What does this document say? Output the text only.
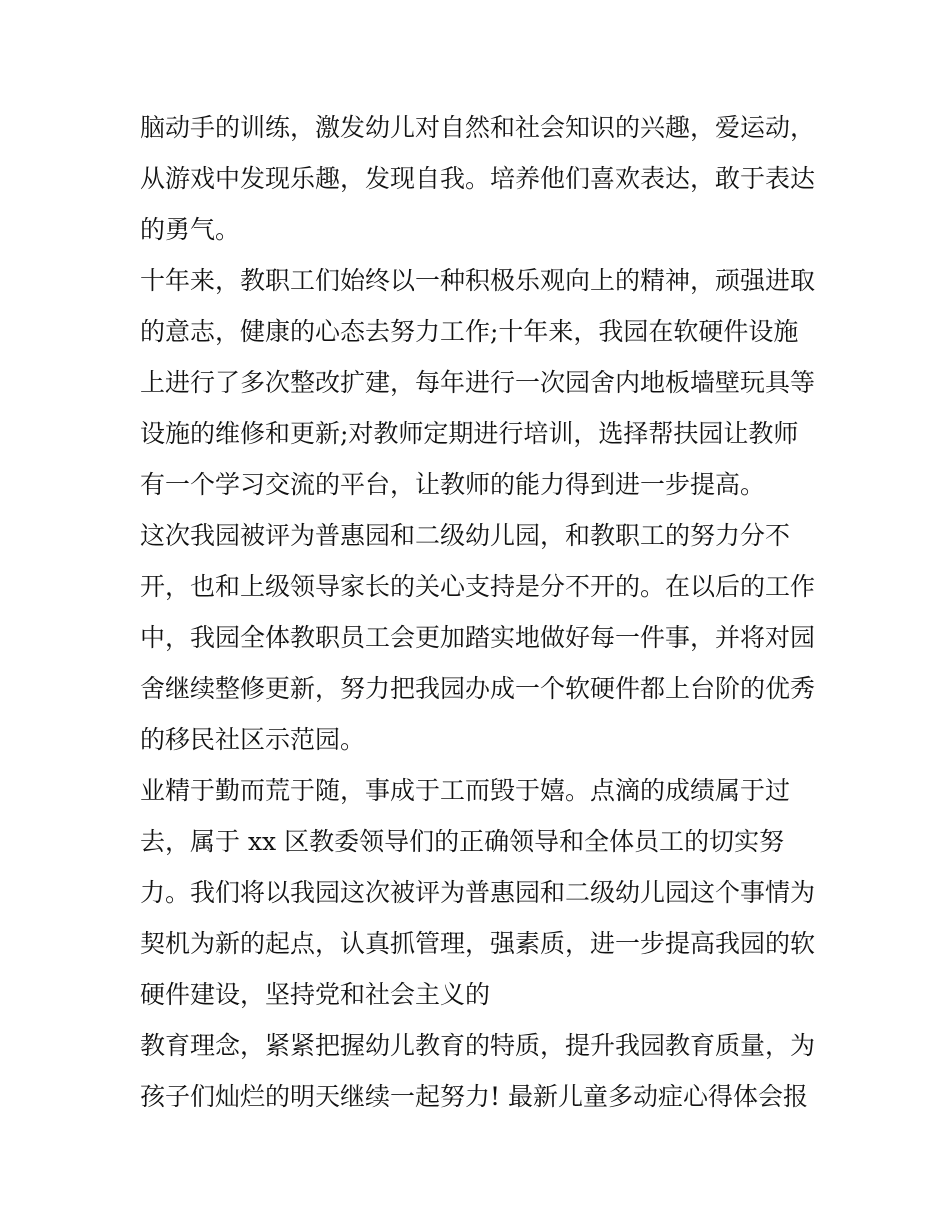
脑动手的训练，激发幼儿对自然和社会知识的兴趣，爱运动，
从游戏中发现乐趣，发现自我。培养他们喜欢表达，敢于表达
的勇气。
十年来，教职工们始终以一种积极乐观向上的精神，顽强进取
的意志，健康的心态去努力工作;十年来，我园在软硬件设施
上进行了多次整改扩建，每年进行一次园舍内地板墙壁玩具等
设施的维修和更新;对教师定期进行培训，选择帮扶园让教师
有一个学习交流的平台，让教师的能力得到进一步提高。
这次我园被评为普惠园和二级幼儿园，和教职工的努力分不
开，也和上级领导家长的关心支持是分不开的。在以后的工作
中，我园全体教职员工会更加踏实地做好每一件事，并将对园
舍继续整修更新，努力把我园办成一个软硬件都上台阶的优秀
的移民社区示范园。
业精于勤而荒于随，事成于工而毁于嬉。点滴的成绩属于过
去，属于 xx 区教委领导们的正确领导和全体员工的切实努
力。我们将以我园这次被评为普惠园和二级幼儿园这个事情为
契机为新的起点，认真抓管理，强素质，进一步提高我园的软
硬件建设，坚持党和社会主义的
教育理念，紧紧把握幼儿教育的特质，提升我园教育质量，为
孩子们灿烂的明天继续一起努力! 最新儿童多动症心得体会报
